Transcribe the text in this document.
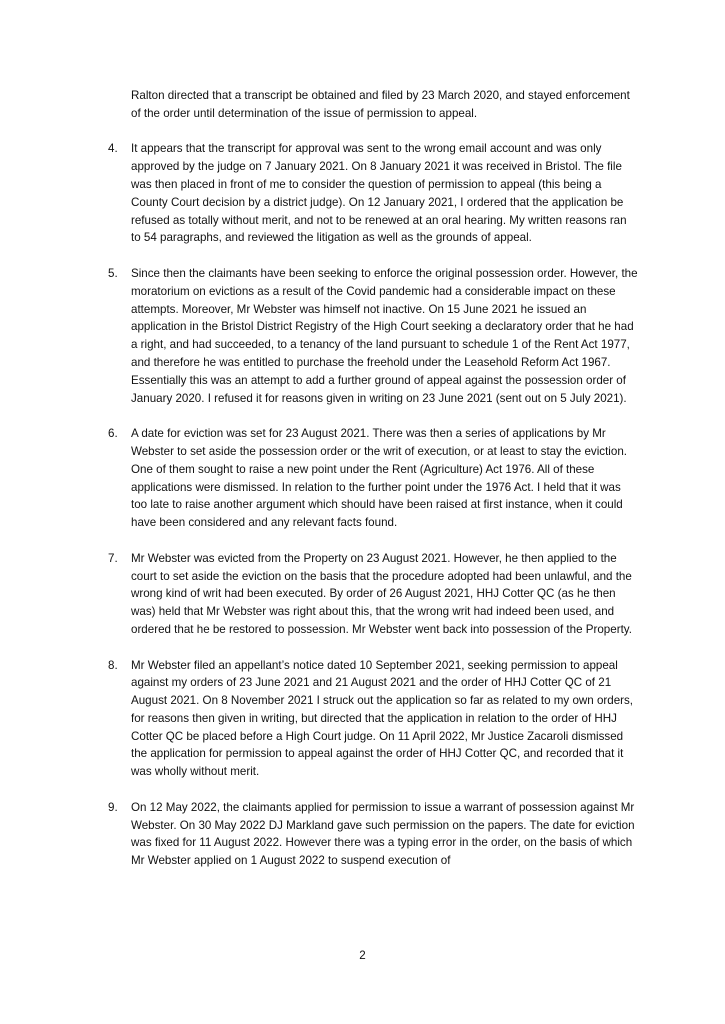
Ralton directed that a transcript be obtained and filed by 23 March 2020, and stayed enforcement of the order until determination of the issue of permission to appeal.
4.	It appears that the transcript for approval was sent to the wrong email account and was only approved by the judge on 7 January 2021. On 8 January 2021 it was received in Bristol. The file was then placed in front of me to consider the question of permission to appeal (this being a County Court decision by a district judge). On 12 January 2021, I ordered that the application be refused as totally without merit, and not to be renewed at an oral hearing. My written reasons ran to 54 paragraphs, and reviewed the litigation as well as the grounds of appeal.
5.	Since then the claimants have been seeking to enforce the original possession order. However, the moratorium on evictions as a result of the Covid pandemic had a considerable impact on these attempts. Moreover, Mr Webster was himself not inactive. On 15 June 2021 he issued an application in the Bristol District Registry of the High Court seeking a declaratory order that he had a right, and had succeeded, to a tenancy of the land pursuant to schedule 1 of the Rent Act 1977, and therefore he was entitled to purchase the freehold under the Leasehold Reform Act 1967. Essentially this was an attempt to add a further ground of appeal against the possession order of January 2020. I refused it for reasons given in writing on 23 June 2021 (sent out on 5 July 2021).
6.	A date for eviction was set for 23 August 2021. There was then a series of applications by Mr Webster to set aside the possession order or the writ of execution, or at least to stay the eviction. One of them sought to raise a new point under the Rent (Agriculture) Act 1976. All of these applications were dismissed. In relation to the further point under the 1976 Act. I held that it was too late to raise another argument which should have been raised at first instance, when it could have been considered and any relevant facts found.
7.	Mr Webster was evicted from the Property on 23 August 2021. However, he then applied to the court to set aside the eviction on the basis that the procedure adopted had been unlawful, and the wrong kind of writ had been executed. By order of 26 August 2021, HHJ Cotter QC (as he then was) held that Mr Webster was right about this, that the wrong writ had indeed been used, and ordered that he be restored to possession. Mr Webster went back into possession of the Property.
8.	Mr Webster filed an appellant’s notice dated 10 September 2021, seeking permission to appeal against my orders of 23 June 2021 and 21 August 2021 and the order of HHJ Cotter QC of 21 August 2021. On 8 November 2021 I struck out the application so far as related to my own orders, for reasons then given in writing, but directed that the application in relation to the order of HHJ Cotter QC be placed before a High Court judge. On 11 April 2022, Mr Justice Zacaroli dismissed the application for permission to appeal against the order of HHJ Cotter QC, and recorded that it was wholly without merit.
9.	On 12 May 2022, the claimants applied for permission to issue a warrant of possession against Mr Webster. On 30 May 2022 DJ Markland gave such permission on the papers. The date for eviction was fixed for 11 August 2022. However there was a typing error in the order, on the basis of which Mr Webster applied on 1 August 2022 to suspend execution of
2
